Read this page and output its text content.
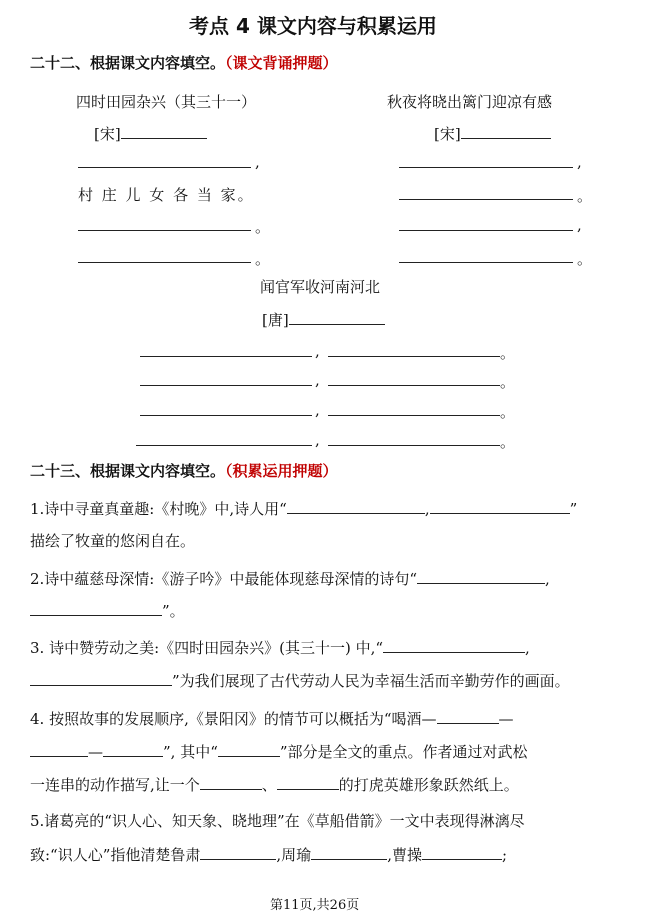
考点 4 课文内容与积累运用
二十二、根据课文内容填空。（课文背诵押题）
四时田园杂兴（其三十一）
[宋]
,
村 庄 儿 女 各 当 家。
。
。
秋夜将晓出篱门迎凉有感
[宋]
,
。
,
。
闻官军收河南河北
[唐]
,	。
,	。
,	。
,	。
二十三、根据课文内容填空。（积累运用押题）
1.诗中寻童真童趣:《村晚》中,诗人用“	,	”
描绘了牧童的悠闲自在。
2.诗中蕴慈母深情:《游子吟》中最能体现慈母深情的诗句“	,
”。
3. 诗中赞劳动之美:《四时田园杂兴》(其三十一) 中,“	,
”为我们展现了古代劳动人民为幸福生活而辛勤劳作的画面。
4. 按照故事的发展顺序,《景阳冈》的情节可以概括为“喝酒—	—
—	”, 其中“	”部分是全文的重点。作者通过对武松
一连串的动作描写,让一个	、	的打虎英雄形象跃然纸上。
5.诸葛亮的“识人心、知天象、晓地理”在《草船借箭》一文中表现得淋漓尽
致:“识人心”指他清楚鲁肃	,周瑜	,曹操	;
第11页,共26页
